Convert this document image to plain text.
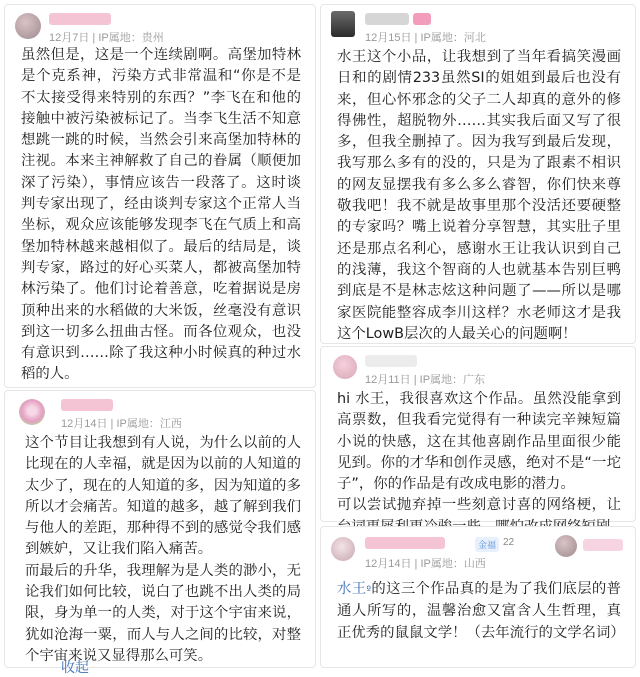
12月7日 | IP属地：贵州
虽然但是，这是一个连续剧啊。高堡加特林是个克系神，污染方式非常温和“你是不是不太接受得来特别的东西？”李飞在和他的接触中被污染被标记了。当李飞生活不知意想跳一跳的时候，当然会引来高堡加特林的注视。本来主神解救了自己的眷属（顺便加深了污染），事情应该告一段落了。这时谈判专家出现了，经由谈判专家这个正常人当坐标，观众应该能够发现李飞在气质上和高堡加特林越来越相似了。最后的结局是，谈判专家，路过的好心买菜人，都被高堡加特林污染了。他们讨论着善意，吃着据说是房顶种出来的水稻做的大米饭，丝毫没有意识到这一切多么扭曲古怪。而各位观众，也没有意识到……除了我这种小时候真的种过水稻的人。
12月14日 | IP属地：江西
这个节目让我想到有人说，为什么以前的人比现在的人幸福，就是因为以前的人知道的太少了，现在的人知道的多，因为知道的多所以才会痛苦。知道的越多，越了解到我们与他人的差距，那种得不到的感觉令我们感到嫉妒，又让我们陷入痛苦。
而最后的升华，我理解为是人类的渺小，无论我们如何比较，说白了也跳不出人类的局限，身为单一的人类，对于这个宇宙来说，犹如沧海一粟，而人与人之间的比较，对整个宇宙来说又显得那么可笑。
收起
12月15日 | IP属地：河北
水王这个小品，让我想到了当年看搞笑漫画日和的剧情233虽然SI的姐姐到最后也没有来，但心怀邪念的父子二人却真的意外的修得佛性，超脱物外……其实我后面又写了很多，但我全删掉了。因为我写到最后发现，我写那么多有的没的，只是为了跟素不相识的网友显摆我有多么多么睿智，你们快来尊敬我吧！我不就是故事里那个没活还要硬整的专家吗？嘴上说着分享智慧，其实肚子里还是那点名利心，感谢水王让我认识到自己的浅薄，我这个智商的人也就基本告别巨鸭到底是不是林志炫这种问题了——所以是哪家医院能整容成李川这样？水老师这才是我这个LowB层次的人最关心的问题啊！
12月11日 | IP属地：广东
hi 水王，我很喜欢这个作品。虽然没能拿到高票数，但我看完觉得有一种读完辛辣短篇小说的快感，这在其他喜剧作品里面很少能见到。你的才华和创作灵感，绝对不是“一坨子”，你的作品是有改成电影的潜力。
可以尝试抛弃掉一些刻意讨喜的网络梗，让
金福 22
12月14日 | IP属地：山西
水王º的这三个作品真的是为了我们底层的普通人所写的，温馨治愈又富含人生哲理，真正优秀的鼠鼠文学！（去年流行的文学名词）
